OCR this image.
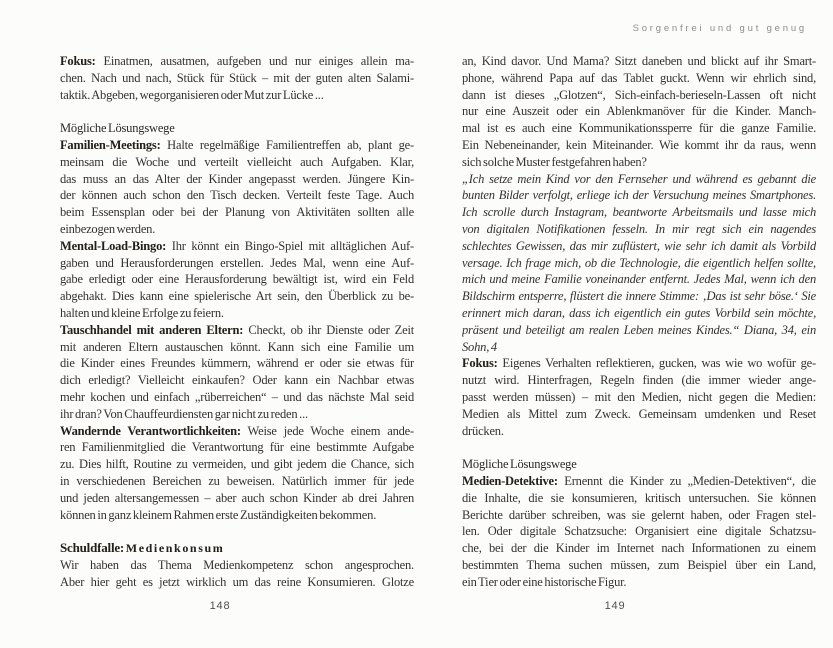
Sorgenfrei und gut genug
Fokus: Einatmen, ausatmen, aufgeben und nur einiges allein ma-
chen. Nach und nach, Stück für Stück – mit der guten alten Salami-
taktik. Abgeben, wegorganisieren oder Mut zur Lücke ...
Mögliche Lösungswege
Familien-Meetings: Halte regelmäßige Familientreffen ab, plant ge-
meinsam die Woche und verteilt vielleicht auch Aufgaben. Klar,
das muss an das Alter der Kinder angepasst werden. Jüngere Kin-
der können auch schon den Tisch decken. Verteilt feste Tage. Auch
beim Essensplan oder bei der Planung von Aktivitäten sollten alle
einbezogen werden.
Mental-Load-Bingo: Ihr könnt ein Bingo-Spiel mit alltäglichen Auf-
gaben und Herausforderungen erstellen. Jedes Mal, wenn eine Auf-
gabe erledigt oder eine Herausforderung bewältigt ist, wird ein Feld
abgehakt. Dies kann eine spielerische Art sein, den Überblick zu be-
halten und kleine Erfolge zu feiern.
Tauschhandel mit anderen Eltern: Checkt, ob ihr Dienste oder Zeit
mit anderen Eltern austauschen könnt. Kann sich eine Familie um
die Kinder eines Freundes kümmern, während er oder sie etwas für
dich erledigt? Vielleicht einkaufen? Oder kann ein Nachbar etwas
mehr kochen und einfach „rüberreichen“ – und das nächste Mal seid
ihr dran? Von Chauffeurdiensten gar nicht zu reden ...
Wandernde Verantwortlichkeiten: Weise jede Woche einem ande-
ren Familienmitglied die Verantwortung für eine bestimmte Aufgabe
zu. Dies hilft, Routine zu vermeiden, und gibt jedem die Chance, sich
in verschiedenen Bereichen zu beweisen. Natürlich immer für jede
und jeden altersangemessen – aber auch schon Kinder ab drei Jahren
können in ganz kleinem Rahmen erste Zuständigkeiten bekommen.
Schuldfalle: Medienkonsum
Wir haben das Thema Medienkompetenz schon angesprochen.
Aber hier geht es jetzt wirklich um das reine Konsumieren. Glotze
an, Kind davor. Und Mama? Sitzt daneben und blickt auf ihr Smart-
phone, während Papa auf das Tablet guckt. Wenn wir ehrlich sind,
dann ist dieses „Glotzen“, Sich-einfach-berieseln-Lassen oft nicht
nur eine Auszeit oder ein Ablenkmanöver für die Kinder. Manch-
mal ist es auch eine Kommunikationssperre für die ganze Familie.
Ein Nebeneinander, kein Miteinander. Wie kommt ihr da raus, wenn
sich solche Muster festgefahren haben?
„Ich setze mein Kind vor den Fernseher und während es gebannt die
bunten Bilder verfolgt, erliege ich der Versuchung meines Smartphones.
Ich scrolle durch Instagram, beantworte Arbeitsmails und lasse mich
von digitalen Notifikationen fesseln. In mir regt sich ein nagendes
schlechtes Gewissen, das mir zuflüstert, wie sehr ich damit als Vorbild
versage. Ich frage mich, ob die Technologie, die eigentlich helfen sollte,
mich und meine Familie voneinander entfernt. Jedes Mal, wenn ich den
Bildschirm entsperre, flüstert die innere Stimme: ‚Das ist sehr böse.‘ Sie
erinnert mich daran, dass ich eigentlich ein gutes Vorbild sein möchte,
präsent und beteiligt am realen Leben meines Kindes.“ Diana, 34, ein
Sohn, 4
Fokus: Eigenes Verhalten reflektieren, gucken, was wie wo wofür ge-
nutzt wird. Hinterfragen, Regeln finden (die immer wieder ange-
passt werden müssen) – mit den Medien, nicht gegen die Medien:
Medien als Mittel zum Zweck. Gemeinsam umdenken und Reset
drücken.
Mögliche Lösungswege
Medien-Detektive: Ernennt die Kinder zu „Medien-Detektiven“, die
die Inhalte, die sie konsumieren, kritisch untersuchen. Sie können
Berichte darüber schreiben, was sie gelernt haben, oder Fragen stel-
len. Oder digitale Schatzsuche: Organisiert eine digitale Schatzsu-
che, bei der die Kinder im Internet nach Informationen zu einem
bestimmten Thema suchen müssen, zum Beispiel über ein Land,
ein Tier oder eine historische Figur.
148	149
